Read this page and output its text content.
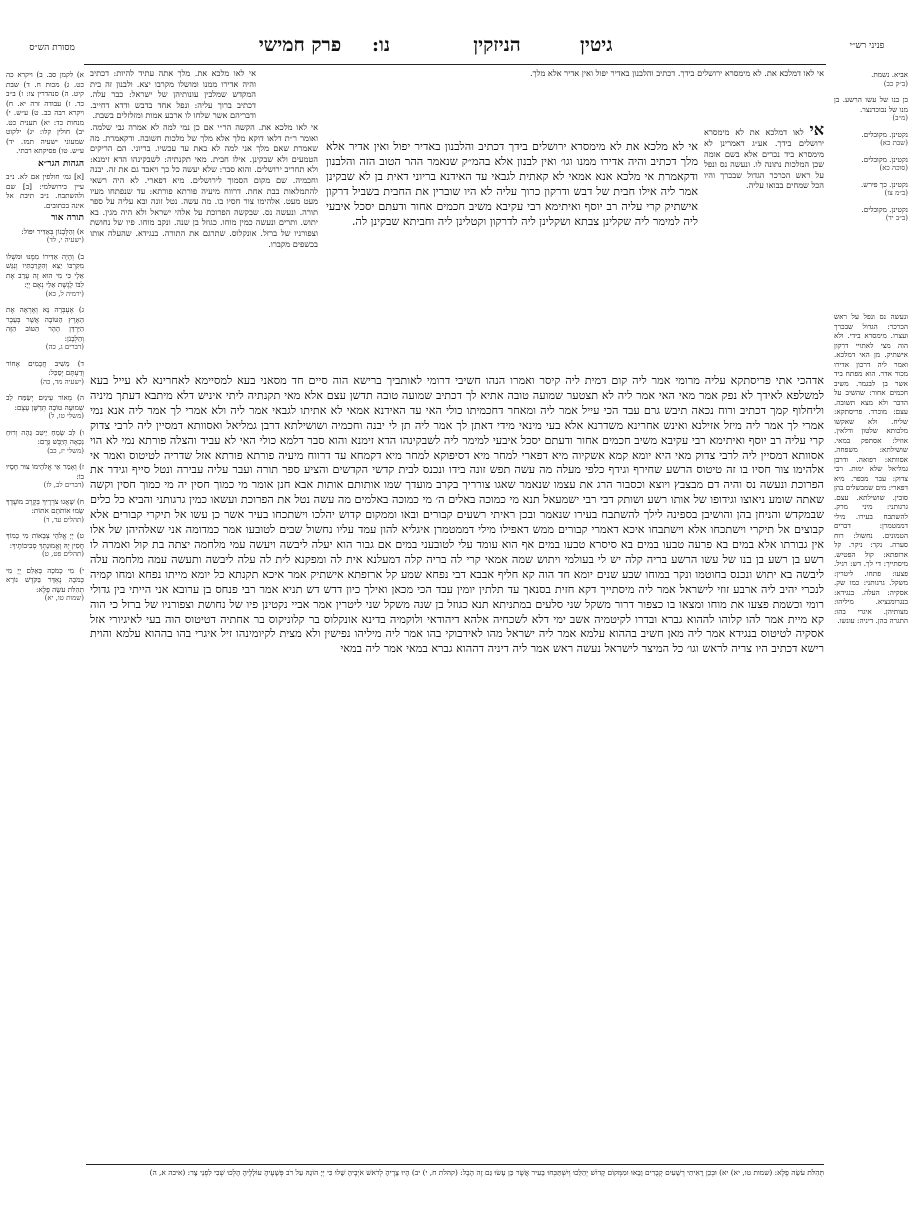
גיטין
פרק חמישי	הניזקין
נו:	פניני רש״י
מסורת הש״ס
אי לאו דמלכא את. לא מימסרא ירושלים בידך. דכתיב והלבנון באדיר יפול ואין אדיר אלא מלך.
אי לאו מלכא את. מלך אתה עתיד להיות: דכתיב והיה אדירו ממנו ומושלו מקרבו יצא. ולבנון זה בית המקדש שמלבין עונותיהן של ישראל: כבר עלה. דכתיב ברוך עליה: ונפל אחד בדבש ודדא דחייב. ודבריהם אשר שלחו לו ארבע אמות ומזלזלים בשבת.
אי לאו דמלכא את לא מימסרא ירושלים בידך. אע״ג דאמרינן לא מימסרא ביד נכרים אלא בשם אומה שכן המלכות נתונה לו. ונעשה נס ונפל על ראש הכרכר הגדול שבכרך והיו הכל שמחים בבואו עליה.
אי לא מלכא את לא מימסרא ירושלים בידך דכתיב והלבנון באדיר יפול ואין אדיר אלא מלך דכתיב והיה אדירו ממנו וגו׳ ואין לבנון אלא בהמ״ק שנאמר ההר הטוב הזה והלבנון ודקאמרת אי מלכא אנא אמאי לא קאתית לגבאי עד האידנא בריוני דאית בן לא שבקינן אמר ליה אילו חבית של דבש ודרקון כרוך עליה לא היו שוברין את החבית בשביל דרקון אישתיק קרי עליה רב יוסף ואיתימא רבי עקיבא משיב חכמים אחור ודעתם יסכל איבעי ליה למימר ליה שקלינן צבתא ושקלינן ליה לדרקון וקטלינן ליה וחביתא שבקינן לה.
אי לאו מלכא את. הקשה הר״י אם כן נמי למה לא אמרה גבי שלמה. ואומר ר״ת דלאו דוקא מלך אלא מלך של מלכות חשובה. ודקאמרת. מה שאמרת שאם מלך אני למה לא באת עד עכשיו. בריוני. הם הריקים הטמעים ולא שבקינן. אילו חבית. מאי תקנתיה: לשבקינהו הדא זימנא: ולא תחריב ירושלים. והוא סבר: שלא יעשה כל כך ויאבד גם את זה. יבנה וחכמיה. שם מקום הסמוך לירושלים. מיא דפארי. לא היה רשאי להתמלאות בבת אחת. דרווח מיעיה פורתא פורתא: עד שנפתחו מעיו מעט מעט. אלהימו צור חסיו בו. מה עשה. נטל זונה ובא עליה על ספר תורה. ונעשה נס. שבקשה הפרוכת על אלהי ישראל ולא היה מגין. בא יתוש. ותרים ונעשה כמין מוחו. כגוזל בן שנה. ונקב מוחו. פיו של נחושת וצפורניו של ברזל. אונקלוס. שתרגם את התורה. בנגידא. שהעלה אותו בכשפים מקברו.
אדהכי אתי פריסתקא עליה מרומי אמר ליה קום דמית ליה קיסר ואמרו הנהו חשיבי דרומי לאותביך ברישא הוה סיים חד מסאני בעא למסיימא לאחרינא לא עייל בעא למשלפא לאידך לא נפק אמר מאי האי אמר ליה לא תצטער שמועה טובה אתיא לך דכתיב שמועה טובה תדשן עצם אלא מאי תקנתיה ליתי איניש דלא מיתבא דעתך מיניה וליחלוף קמך דכתיב ורוח נכאה תיבש גרם עבד הכי עייל אמר ליה ומאחר דחכמיתו כולי האי עד האידנא אמאי לא אתיתו לגבאי אמר ליה ולא אמרי לך אמר ליה אנא נמי אמרי לך אמר ליה מיזל אזילנא ואינש אחרינא משדרנא אלא בעי מינאי מידי דאתן לך אמר ליה תן לי יבנה וחכמיה ושושילתא דרבן גמליאל ואסוותא דמסיין ליה לרבי צדוק קרי עליה רב יוסף ואיתימא רבי עקיבא משיב חכמים אחור ודעתם יסכל איבעי למימר ליה לשבקינהו הדא זימנא והוא סבר דלמא כולי האי לא עביד והצלה פורתא נמי לא הוי אסוותא דמסיין ליה לרבי צדוק מאי היא יומא קמא אשקיוה מיא דפארי למחר מיא דסיפוקא למחר מיא דקמחא עד דרווח מיעיה פורתא פורתא אזל שדריה לטיטוס ואמר אי אלהימו צור חסיו בו זה טיטוס הרשע שחירף וגידף כלפי מעלה מה עשה תפש זונה בידו ונכנס לבית קדשי הקדשים והציע ספר תורה ועבר עליה עבירה ונטל סייף וגידר את הפרוכת ונעשה נס והיה דם מבצבץ ויוצא וכסבור הרג את עצמו שנאמר שאגו צורריך בקרב מועדך שמו אותותם אותות אבא חנן אומר מי כמוך חסין יה מי כמוך חסין וקשה שאתה שומע ניאוצו וגידופו של אותו רשע ושותק דבי רבי ישמעאל תנא מי כמוכה באלים ה׳ מי כמוכה באלמים מה עשה נטל את הפרוכת ועשאו כמין גרגותני והביא כל כלים שבמקדש והניחן בהן והושיבן בספינה לילך להשתבח בעירו שנאמר ובכן ראיתי רשעים קבורים ובאו וממקום קדוש יהלכו וישתכחו בעיר אשר כן עשו אל תיקרי קבורים אלא קבוצים אל תיקרי וישתכחו אלא וישתבחו איכא דאמרי קבורים ממש דאפילו מילי דממטמרן איגליא להון עמד עליו נחשול שבים לטובעו אמר כמדומה אני שאלהיהן של אלו אין גבורתו אלא במים בא פרעה טבעו במים בא סיסרא טבעו במים אף הוא עומד עלי לטובעני במים אם גבור הוא יעלה ליבשה ויעשה עמי מלחמה יצתה בת קול ואמרה לו רשע בן רשע בן בנו של עשו הרשע בריה קלה יש לי בעולמי ויתוש שמה אמאי קרי לה בריה קלה דמעלנא אית לה ומפקנא לית לה עלה ליבשה ותעשה עמה מלחמה עלה ליבשה בא יתוש ונכנס בחוטמו ונקר במוחו שבע שנים יומא חד הוה קא חליף אבבא דבי נפחא שמע קל ארזפתא אישתיק אמר איכא תקנתא כל יומא מייתו נפחא ומחו קמיה לנכרי יהיב ליה ארבע זוזי לישראל אמר ליה מיסתייך דקא חזית בסנאך עד תלתין יומין עבד הכי מכאן ואילך כיון דדש דש תניא אמר רבי פנחס בן ערובא אני הייתי בין גדולי רומי וכשמת פצעו את מוחו ומצאו בו כצפור דרור משקל שני סלעים במתניתא תנא כגוזל בן שנה משקל שני ליטרין אמר אביי נקטינן פיו של נחושת וצפורניו של ברזל כי הוה קא מיית אמר להו קלוהו לההוא גברא ובדרו לקיטמיה אשב ימי דלא לשכחיה אלהא דיהודאי ולוקמיה בדינא אונקלוס בר קלוניקוס בר אחתיה דטיטוס הוה בעי לאיגיורי אזל אסקיה לטיטוס בנגידא אמר ליה מאן חשיב בההוא עלמא אמר ליה ישראל מהו לאידבוקי בהו אמר ליה מיליהו נפישין ולא מצית לקיומינהו זיל איגרי בהו בההוא עלמא והוית רישא דכתיב היו צריה לראש וגו׳ כל המיצר לישראל נעשה ראש אמר ליה דיניה דההוא גברא במאי אמר ליה במאי
אביא. נשמת.
(ב״ק כב)
בן בנו של עשו הרשע. בן מנו של נבוכדנצר.
(מ״ב)
נקטינן. מקובלים.
(שבת כא)
נקטינן. מקובלים.
(סוכה כא)
נקטינן. כך פירש.
(ב״מ צז)
נקטינן. מקובלים.
(ב״ב יד)
א) לקמן סב. ב) ויקרא כה כט. ג) מכות ח. ד) שבת קיט. ה) סנהדרין צו: ו) ב״ב כד. ז) עבודה זרה יא. ח) ויקרא רבה כב. ט) ע״ש. י) מנחות כד: יא) תענית כט. יב) חולין קלו: יג) ילקוט שמעוני ישעיה תמז. יד) ע״ש. טו) פסיקתא רבתי.
הגהות הגר״א
[א] גמ׳ חולפין אם לא. נ״ב עיין בירושלמי: [ב] שם ולהשתבח. נ״ב תיבת אל אינה בכתובים.
תורה אור
א) וְהַלְּבָנוֹן בְּאַדִּיר יִפּוֹל:
(ישעיה י, לד)
ב) וְהָיָה אַדִּירוֹ מִמֶּנּוּ וּמשְׁלוֹ מִקִּרְבּוֹ יֵצֵא וְהִקְרַבְתִּיו וְנִגַּשׁ אֵלָי כִּי מִי הוּא זֶה עָרַב אֶת לִבּוֹ לָגֶשֶׁת אֵלַי נְאֻם יְיָ:
(ירמיה ל, כא)
ג) אֶעְבְּרָה נָּא וְאֶרְאֶה אֶת הָאָרֶץ הַטּוֹבָה אֲשֶׁר בְּעֵבֶר הַיַּרְדֵּן הָהָר הַטּוֹב הַזֶּה וְהַלְּבָנֹן:
(דברים ג, כה)
ד) מֵשִׁיב חֲכָמִים אָחוֹר וְדַעְתָּם יְסַכֵּל:
(ישעיה מד, כה)
ה) מְאוֹר עֵינַיִם יְשַׂמַּח לֵב שְׁמוּעָה טוֹבָה תְּדַשֶּׁן עָצֶם:
(משלי טו, ל)
ו) לֵב שָׂמֵחַ יֵיטִב גֵּהָה וְרוּחַ נְכֵאָה תְּיַבֶּשׁ גָּרֶם:
(משלי יז, כב)
ז) וְאָמַר אֵי אֱלֹהֵימוֹ צוּר חָסָיוּ בוֹ:
(דברים לב, לז)
ח) שָׁאֲגוּ צֹרְרֶיךָ בְּקֶרֶב מוֹעֲדֶךָ שָׂמוּ אוֹתֹתָם אֹתוֹת:
(תהלים עד, ד)
ט) יְיָ אֱלֹהֵי צְבָאוֹת מִי כָמוֹךָ חֲסִין יָהּ וֶאֱמוּנָתְךָ סְבִיבוֹתֶיךָ:
(תהלים פט, ט)
י) מִי כָמֹכָה בָּאֵלִם יְיָ מִי כָּמֹכָה נֶאְדָּר בַּקֹּדֶשׁ נוֹרָא תְהִלֹּת עֹשֵׂה פֶלֶא:
(שמות טו, יא)
ונעשה נס ונפל על ראש הכרכר: הגדול שבכרך ועצרו. מימסרא בידי. ולא הוה מצי לאתויי דרקון אישתיק. מן האי דמלכא. ואמר ליה דרכון אדירו מכור אדר. הוא מפתח ביד אשר בן לבגמר. משיב חכמים אחור: שהשיב על הדבר ולא מצא תשובה. עצם: מוכרד. פריסתקא: שליח. ולא שאקשו מלכותא שלטון ודלאין. אוזיל: אסתפק במאי. שושילתא: משפחה. אסוותא: רפואה. ודרבן גמליאל שלא ימות. רבי צדוק: עבר מכפר. מיא דפארי: מים שמבשלים בהן סובין. שושילתא. עצם. גרגותני: מיני מרק. להשתבח בעירו. מילי דממטמרן: דברים הטמונים. נחשול: רוח סערה. נקר: ניקר. קל ארזפתא: קול הפטיש. מיסתייך: די לך. דש: רגיל. פצעו: פתחו. ליטרין: משקל. גרגותני: כמו שק. אסקיה: העלה. בנגידא: בנגרומנציא. מיליהו: מצותיהן. איגרי בהו: התגרה בהן. דיניה: עונשו.
תְּהִלֹּת עֹשֵׂה פֶלֶא: (שמות טו, יא) יא) וּבְכֵן רָאִיתִי רְשָׁעִים קְבֻרִים וָבָאוּ וּמִמְּקוֹם קָדוֹשׁ יְהַלֵּכוּ וְיִשְׁתַּכְּחוּ בָעִיר אֲשֶׁר כֵּן עָשׂוּ גַּם זֶה הָבֶל: (קהלת ח, י) יב) הָיוּ צָרֶיהָ לְרֹאשׁ אֹיְבֶיהָ שָׁלוּ כִּי יְיָ הוֹגָהּ עַל רֹב פְּשָׁעֶיהָ עוֹלָלֶיהָ הָלְכוּ שְׁבִי לִפְנֵי צָר: (איכה א, ה)
